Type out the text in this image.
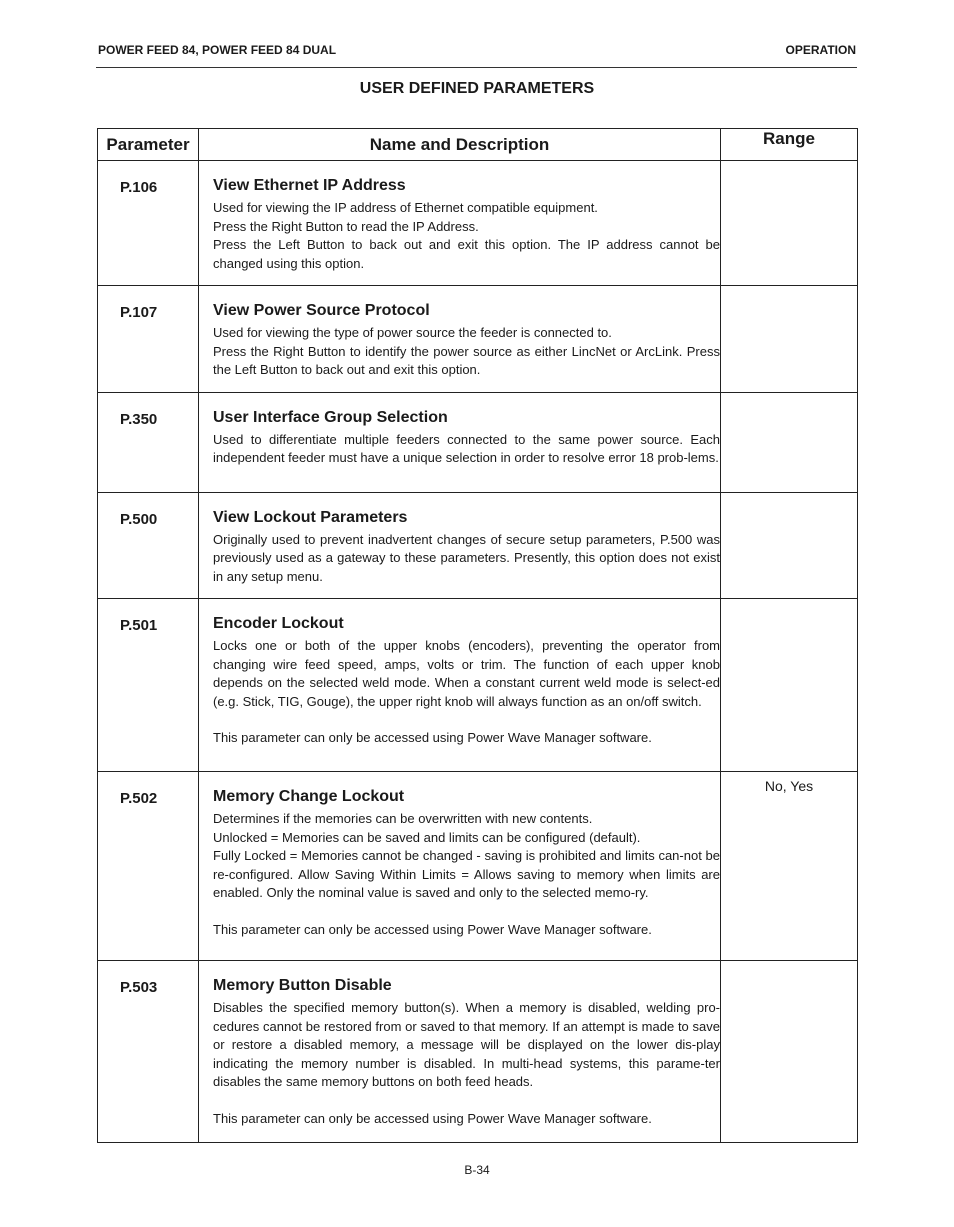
POWER FEED 84, POWER FEED 84 DUAL	OPERATION
USER DEFINED PARAMETERS
Parameter	Name and Description	Range
P.106	View Ethernet IP Address
Used for viewing the IP address of Ethernet compatible equipment.
Press the Right Button to read the IP Address.
Press the Left Button to back out and exit this option. The IP address cannot be changed using this option.	

P.107	View Power Source Protocol
Used for viewing the type of power source the feeder is connected to.
Press the Right Button to identify the power source as either LincNet or ArcLink. Press the Left Button to back out and exit this option.	

P.350	User Interface Group Selection
Used to differentiate multiple feeders connected to the same power source. Each independent feeder must have a unique selection in order to resolve error 18 prob-lems.	

P.500	View Lockout Parameters
Originally used to prevent inadvertent changes of secure setup parameters, P.500 was previously used as a gateway to these parameters. Presently, this option does not exist in any setup menu.	

P.501	Encoder Lockout
Locks one or both of the upper knobs (encoders), preventing the operator from changing wire feed speed, amps, volts or trim. The function of each upper knob depends on the selected weld mode. When a constant current weld mode is select-ed (e.g. Stick, TIG, Gouge), the upper right knob will always function as an on/off switch.
This parameter can only be accessed using Power Wave Manager software.	

P.502	Memory Change Lockout
Determines if the memories can be overwritten with new contents.
Unlocked = Memories can be saved and limits can be configured (default).
Fully Locked = Memories cannot be changed - saving is prohibited and limits can-not be re-configured. Allow Saving Within Limits = Allows saving to memory when limits are enabled. Only the nominal value is saved and only to the selected memo-ry.
This parameter can only be accessed using Power Wave Manager software.	No, Yes
P.503	Memory Button Disable
Disables the specified memory button(s). When a memory is disabled, welding pro-cedures cannot be restored from or saved to that memory. If an attempt is made to save or restore a disabled memory, a message will be displayed on the lower dis-play indicating the memory number is disabled. In multi-head systems, this parame-ter disables the same memory buttons on both feed heads.
This parameter can only be accessed using Power Wave Manager software.	

B-34
